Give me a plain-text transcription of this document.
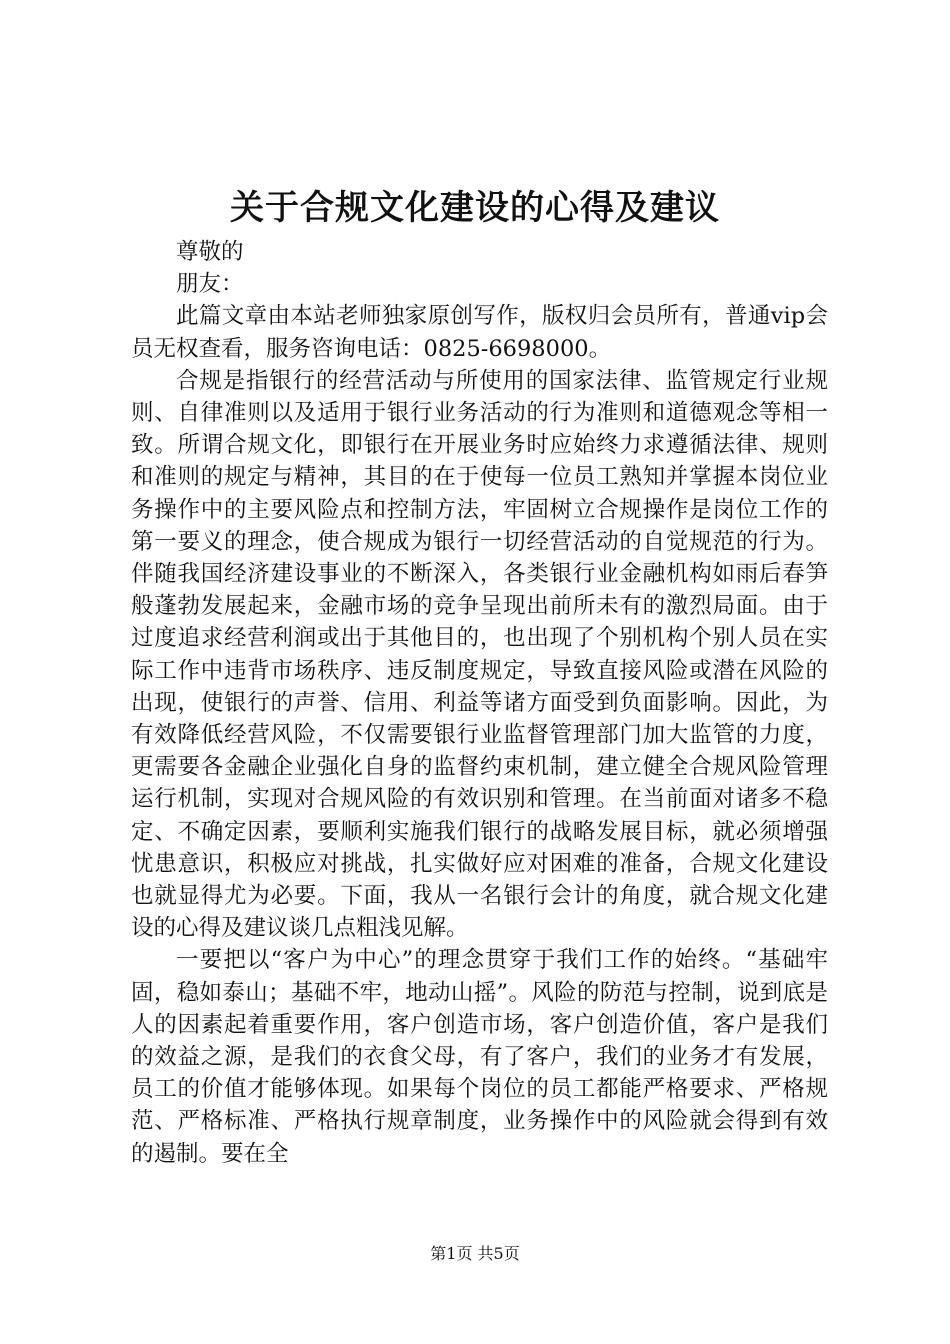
关于合规文化建设的心得及建议

尊敬的

朋友：

此篇文章由本站老师独家原创写作，版权归会员所有，普通vip会员无权查看，服务咨询电话：0825-6698000。

合规是指银行的经营活动与所使用的国家法律、监管规定行业规则、自律准则以及适用于银行业务活动的行为准则和道德观念等相一致。所谓合规文化，即银行在开展业务时应始终力求遵循法律、规则和准则的规定与精神，其目的在于使每一位员工熟知并掌握本岗位业务操作中的主要风险点和控制方法，牢固树立合规操作是岗位工作的第一要义的理念，使合规成为银行一切经营活动的自觉规范的行为。伴随我国经济建设事业的不断深入，各类银行业金融机构如雨后春笋般蓬勃发展起来，金融市场的竞争呈现出前所未有的激烈局面。由于过度追求经营利润或出于其他目的，也出现了个别机构个别人员在实际工作中违背市场秩序、违反制度规定，导致直接风险或潜在风险的出现，使银行的声誉、信用、利益等诸方面受到负面影响。因此，为有效降低经营风险，不仅需要银行业监督管理部门加大监管的力度，更需要各金融企业强化自身的监督约束机制，建立健全合规风险管理运行机制，实现对合规风险的有效识别和管理。在当前面对诸多不稳定、不确定因素，要顺利实施我们银行的战略发展目标，就必须增强忧患意识，积极应对挑战，扎实做好应对困难的准备，合规文化建设也就显得尤为必要。下面，我从一名银行会计的角度，就合规文化建设的心得及建议谈几点粗浅见解。

一要把以“客户为中心”的理念贯穿于我们工作的始终。“基础牢固，稳如泰山；基础不牢，地动山摇”。风险的防范与控制，说到底是人的因素起着重要作用，客户创造市场，客户创造价值，客户是我们的效益之源，是我们的衣食父母，有了客户，我们的业务才有发展，员工的价值才能够体现。如果每个岗位的员工都能严格要求、严格规范、严格标准、严格执行规章制度，业务操作中的风险就会得到有效的遏制。要在全

第1页 共5页
